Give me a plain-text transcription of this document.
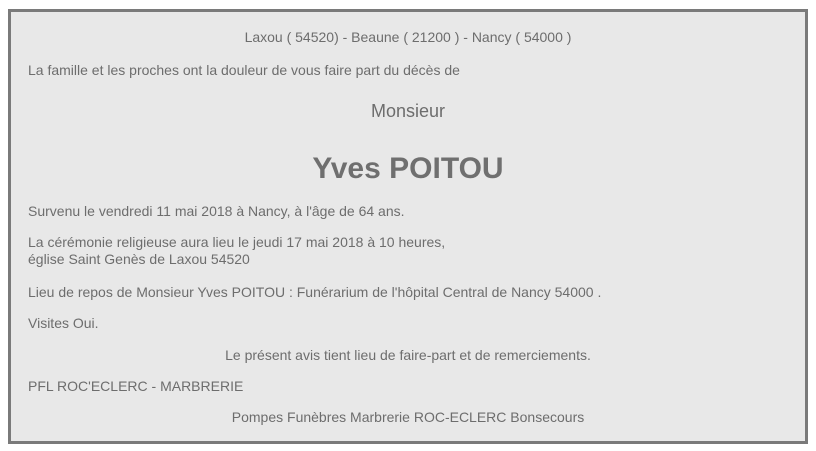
Laxou ( 54520) - Beaune ( 21200 ) - Nancy ( 54000 )
La famille et les proches ont la douleur de vous faire part du décès de
Monsieur
Yves POITOU
Survenu le vendredi 11 mai 2018 à Nancy, à l'âge de 64 ans.
La cérémonie religieuse aura lieu le jeudi 17 mai 2018 à 10 heures,
église Saint Genès de Laxou 54520
Lieu de repos de Monsieur Yves POITOU : Funérarium de l'hôpital Central de Nancy 54000 .
Visites Oui.
Le présent avis tient lieu de faire-part et de remerciements.
PFL ROC'ECLERC - MARBRERIE
Pompes Funèbres Marbrerie ROC-ECLERC Bonsecours
